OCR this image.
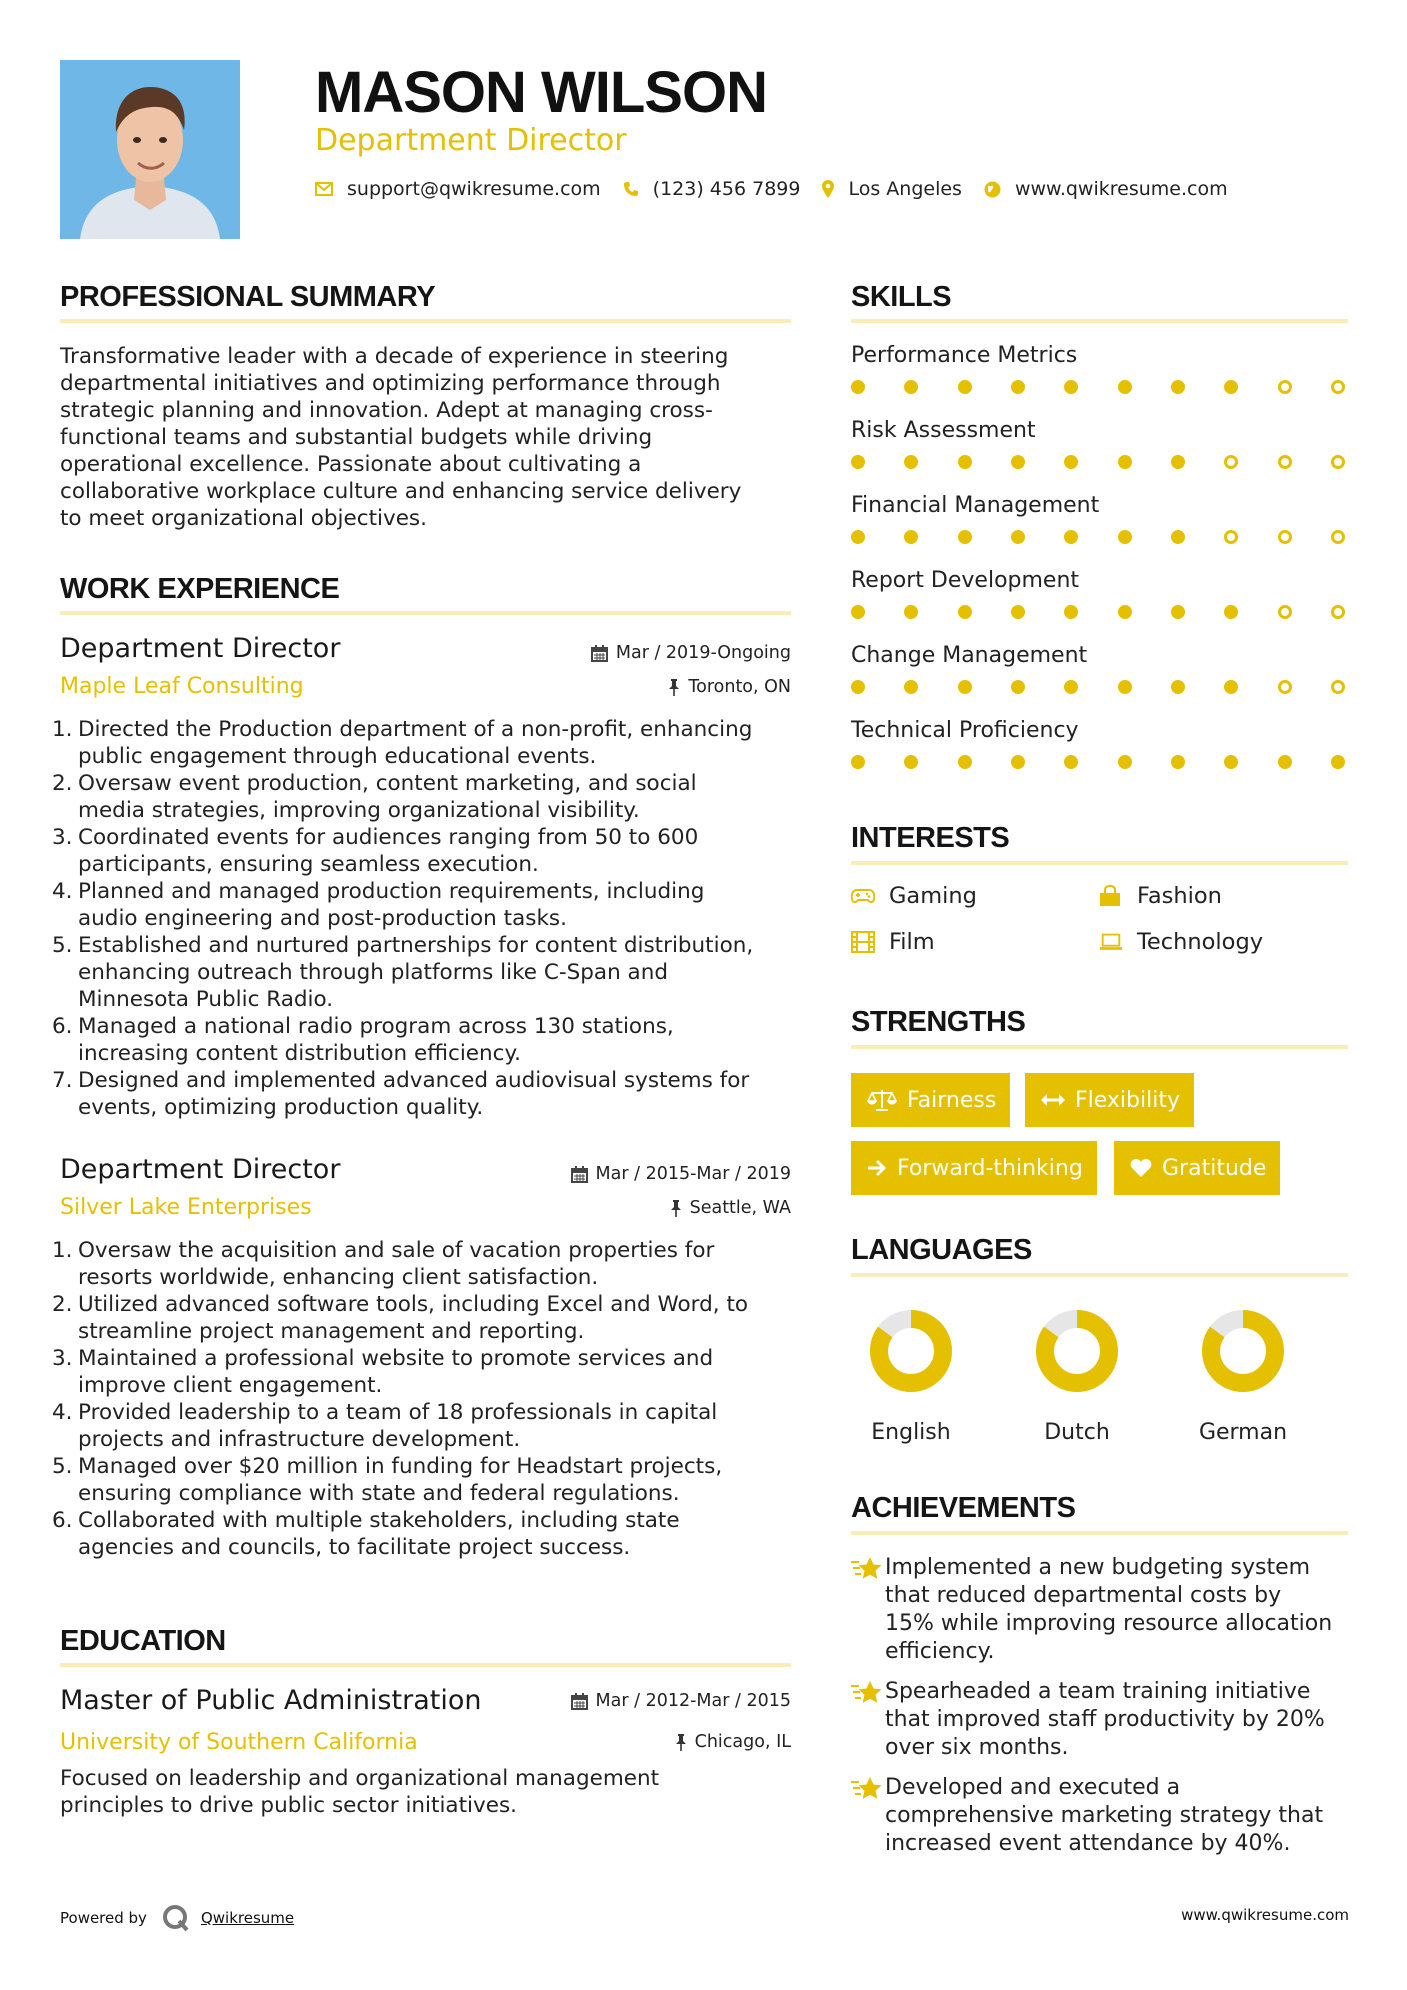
MASON WILSON
Department Director
support@qwikresume.com	(123) 456 7899	Los Angeles	www.qwikresume.com
PROFESSIONAL SUMMARY
Transformative leader with a decade of experience in steering
departmental initiatives and optimizing performance through
strategic planning and innovation. Adept at managing cross-
functional teams and substantial budgets while driving
operational excellence. Passionate about cultivating a
collaborative workplace culture and enhancing service delivery
to meet organizational objectives.
WORK EXPERIENCE
Department Director	Mar / 2019-Ongoing
Maple Leaf Consulting	Toronto, ON
1. Directed the Production department of a non-profit, enhancing
public engagement through educational events.
2. Oversaw event production, content marketing, and social
media strategies, improving organizational visibility.
3. Coordinated events for audiences ranging from 50 to 600
participants, ensuring seamless execution.
4. Planned and managed production requirements, including
audio engineering and post-production tasks.
5. Established and nurtured partnerships for content distribution,
enhancing outreach through platforms like C-Span and
Minnesota Public Radio.
6. Managed a national radio program across 130 stations,
increasing content distribution efficiency.
7. Designed and implemented advanced audiovisual systems for
events, optimizing production quality.
Department Director	Mar / 2015-Mar / 2019
Silver Lake Enterprises	Seattle, WA
1. Oversaw the acquisition and sale of vacation properties for
resorts worldwide, enhancing client satisfaction.
2. Utilized advanced software tools, including Excel and Word, to
streamline project management and reporting.
3. Maintained a professional website to promote services and
improve client engagement.
4. Provided leadership to a team of 18 professionals in capital
projects and infrastructure development.
5. Managed over $20 million in funding for Headstart projects,
ensuring compliance with state and federal regulations.
6. Collaborated with multiple stakeholders, including state
agencies and councils, to facilitate project success.
EDUCATION
Master of Public Administration	Mar / 2012-Mar / 2015
University of Southern California	Chicago, IL
Focused on leadership and organizational management
principles to drive public sector initiatives.
SKILLS
Performance Metrics
Risk Assessment
Financial Management
Report Development
Change Management
Technical Proficiency
INTERESTS
Gaming	Fashion
Film	Technology
STRENGTHS
Fairness	Flexibility
Forward-thinking	Gratitude
LANGUAGES
English	Dutch	German
ACHIEVEMENTS
Implemented a new budgeting system
that reduced departmental costs by
15% while improving resource allocation
efficiency.
Spearheaded a team training initiative
that improved staff productivity by 20%
over six months.
Developed and executed a
comprehensive marketing strategy that
increased event attendance by 40%.
Powered by	Qwikresume	www.qwikresume.com
